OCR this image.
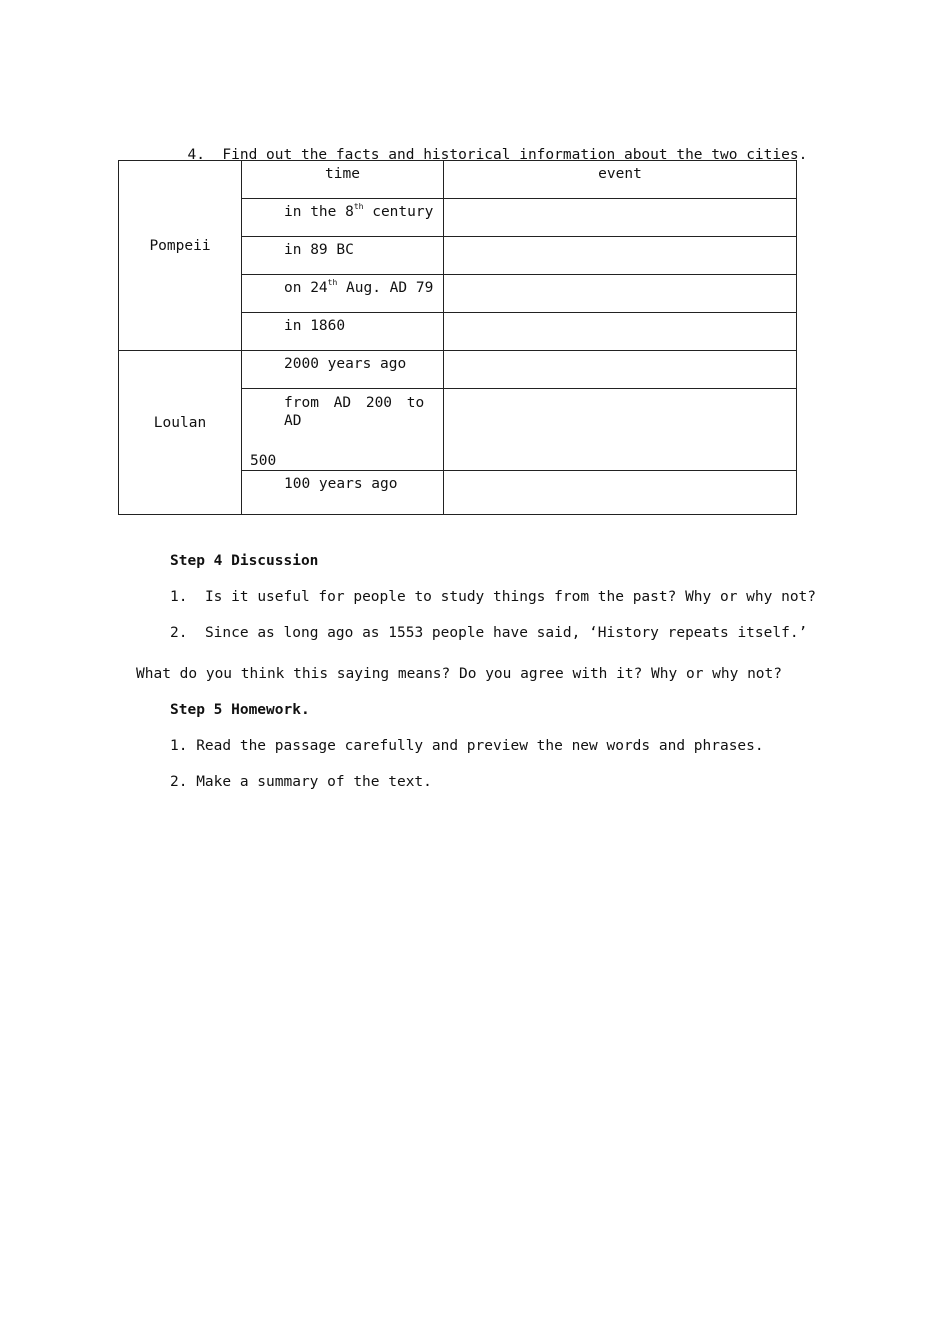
4. Find out the facts and historical information about the two cities.

Pompeii	time	event
	in the 8th century	
	in 89 BC	
	on 24th Aug. AD 79	
	in 1860	
Loulan	2000 years ago	

	from AD 200 to AD
500	

	100 years ago	
Step 4 Discussion
1. Is it useful for people to study things from the past? Why or why not?
2. Since as long ago as 1553 people have said, ‘History repeats itself.’
What do you think this saying means? Do you agree with it? Why or why not?
Step 5 Homework.
1. Read the passage carefully and preview the new words and phrases.
2. Make a summary of the text.
